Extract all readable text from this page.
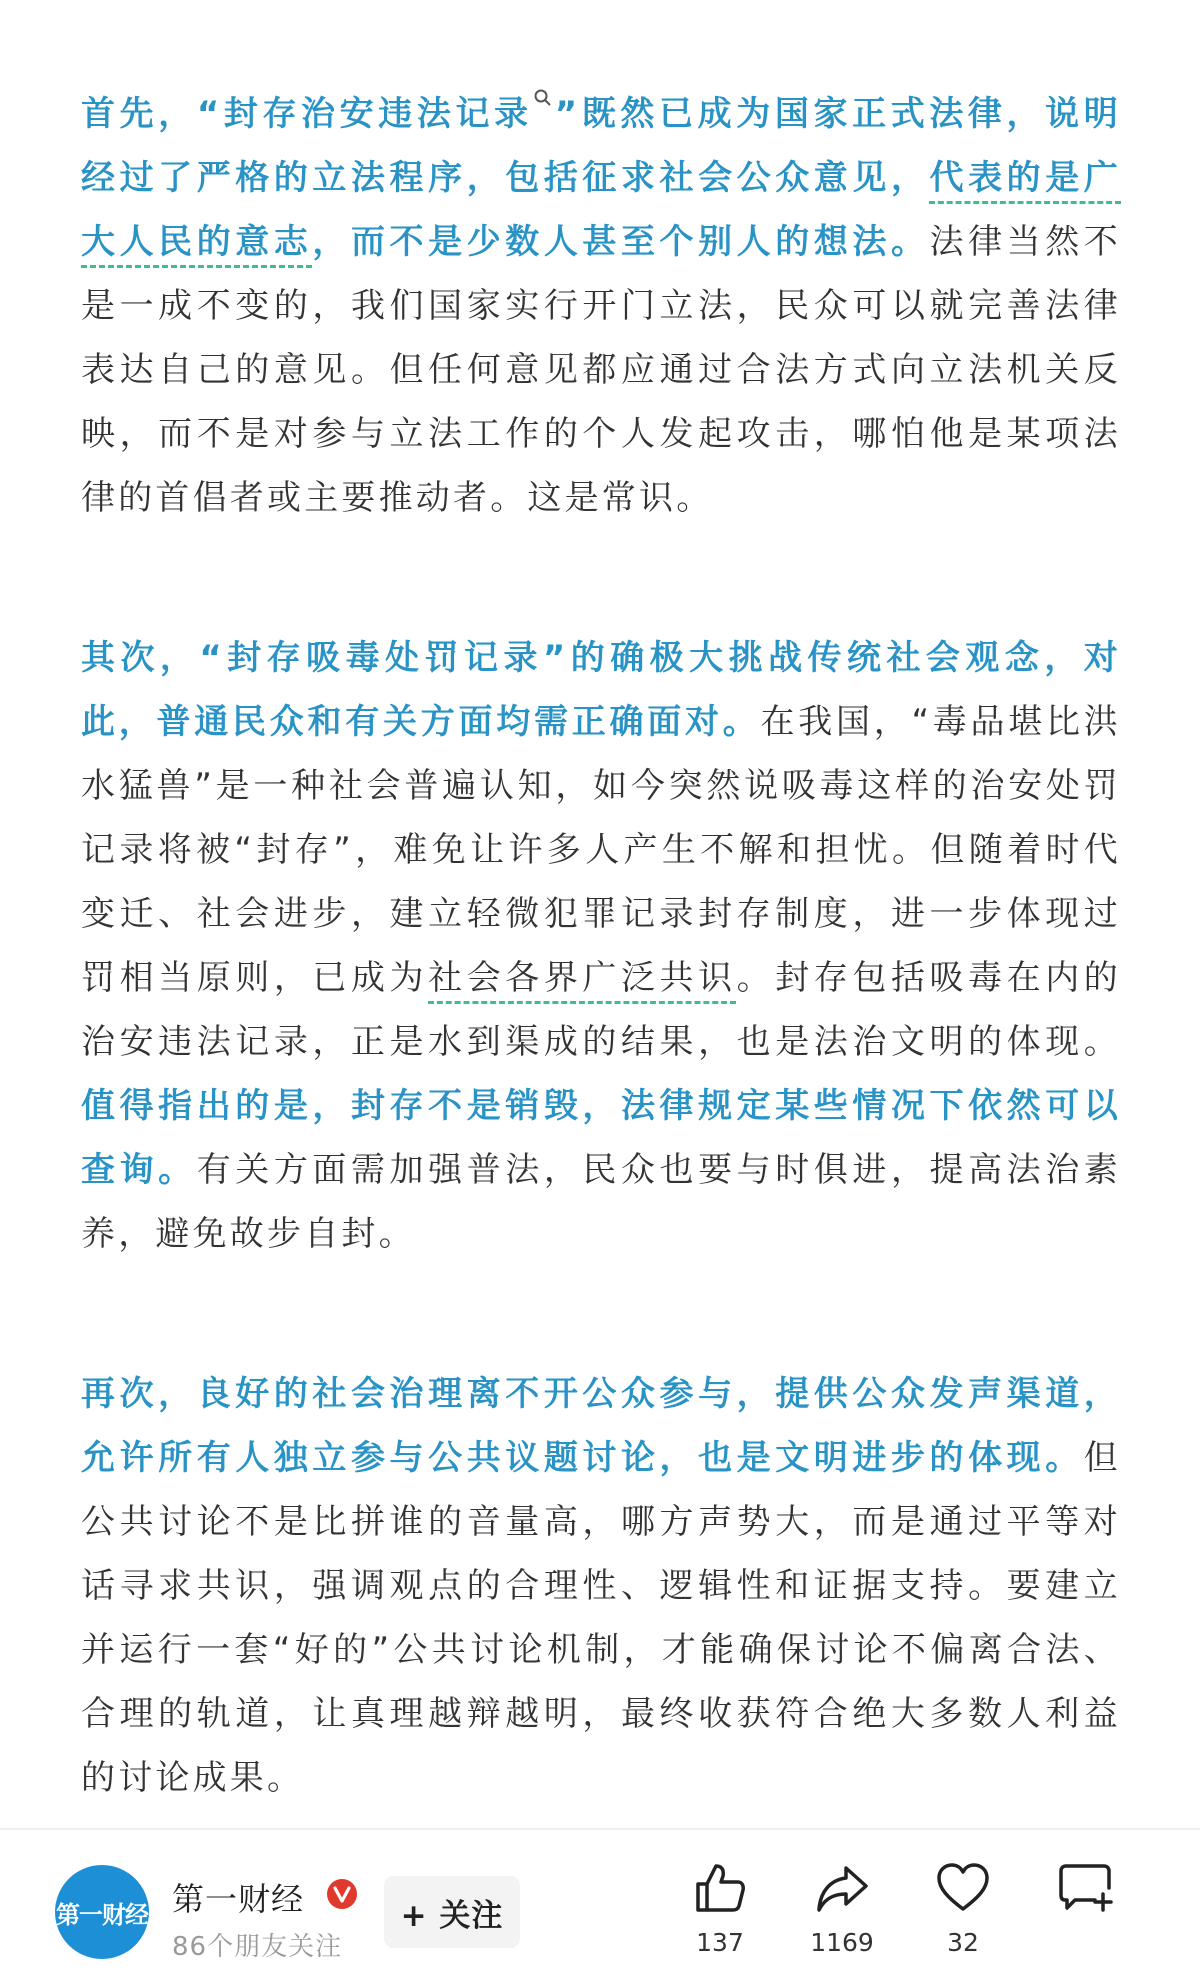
首先，“封存治安违法记录 ”既然已成为国家正式法律，说明经过了严格的立法程序，包括征求社会公众意见，代表的是广大人民的意志，而不是少数人甚至个别人的想法。法律当然不是一成不变的，我们国家实行开门立法，民众可以就完善法律表达自己的意见。但任何意见都应通过合法方式向立法机关反映，而不是对参与立法工作的个人发起攻击，哪怕他是某项法律的首倡者或主要推动者。这是常识。

其次，“封存吸毒处罚记录”的确极大挑战传统社会观念，对此，普通民众和有关方面均需正确面对。在我国，“毒品堪比洪水猛兽”是一种社会普遍认知，如今突然说吸毒这样的治安处罚记录将被“封存”，难免让许多人产生不解和担忧。但随着时代变迁、社会进步，建立轻微犯罪记录封存制度，进一步体现过罚相当原则，已成为社会各界广泛共识。封存包括吸毒在内的治安违法记录，正是水到渠成的结果，也是法治文明的体现。值得指出的是，封存不是销毁，法律规定某些情况下依然可以查询。有关方面需加强普法，民众也要与时俱进，提高法治素养，避免故步自封。

再次，良好的社会治理离不开公众参与，提供公众发声渠道，允许所有人独立参与公共议题讨论，也是文明进步的体现。但公共讨论不是比拼谁的音量高，哪方声势大，而是通过平等对话寻求共识，强调观点的合理性、逻辑性和证据支持。要建立并运行一套“好的”公共讨论机制，才能确保讨论不偏离合法、合理的轨道，让真理越辩越明，最终收获符合绝大多数人利益的讨论成果。

第一财经 第一财经
86个朋友关注
+ 关注
137	1169	32
